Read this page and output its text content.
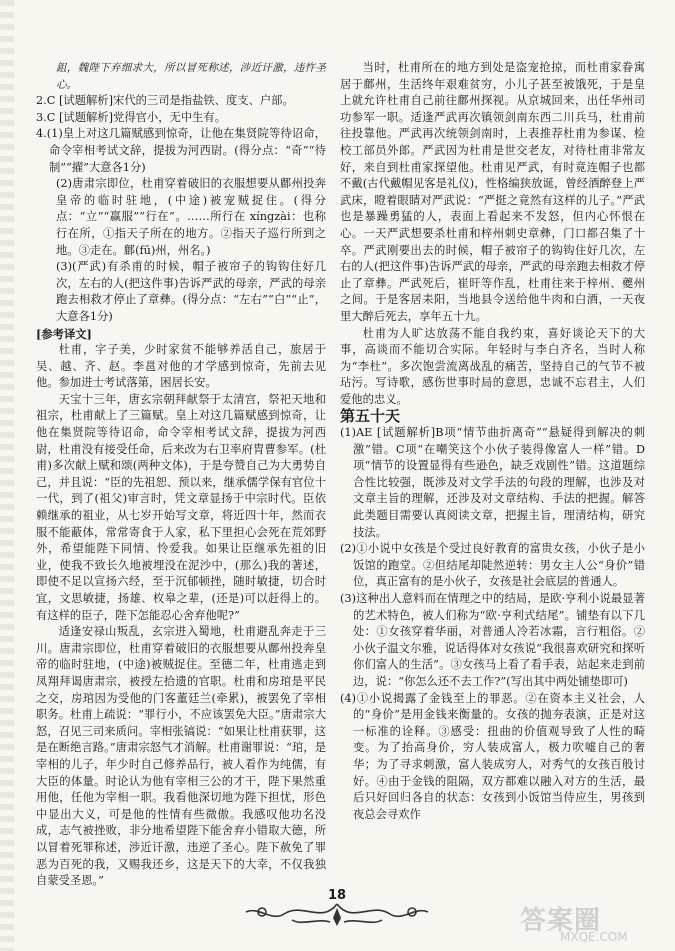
鉏，魏陛下弃细求大，所以冒死称述，涉近讦激，违忤圣心。

2.C [试题解析]宋代的三司是指盐铁、度支、户部。

3.C [试题解析]党得官小，无中生有。

4.(1)皇上对这几篇赋感到惊奇，让他在集贤院等待诏命，命令宰相考试文辞，提拔为河西尉。(得分点：“奇”“待制”“擢”大意各1分)

(2)唐肃宗即位，杜甫穿着破旧的衣服想要从鄜州投奔皇帝的临时驻地，(中途)被宠贼捉住。(得分点：“立”“赢服”“行在”。……所行在 xíngzài：也称行在所，①指天子所在的地方。②指天子巡行所到之地。③走在。鄜(fū)州，州名。)

(3)(严武)有杀甫的时候，帽子被帘子的钩钩住好几次，左右的人(把这件事)告诉严武的母亲，严武的母亲跑去相救才停止了章彝。(得分点：“左右”“白”“止”，大意各1分)

[参考译文]

杜甫，字子美，少时家贫不能够养活自己，旅居于吴、越、齐、赵。李邕对他的才学感到惊奇，先前去见他。参加进士考试落第，困居长安。

天宝十三年，唐玄宗朝拜献祭于太清宫，祭祀天地和祖宗，杜甫献上了三篇赋。皇上对这几篇赋感到惊奇，让他在集贤院等待诏命，命令宰相考试文辞，提拔为河西尉，杜甫没有接受任命，后来改为右卫率府胄曹参军。(杜甫)多次献上赋和颂(两种文体)，于是夸赞自己为大勇势自己，并且说：“臣的先祖恕、预以来，继承儒学保有官位十一代，到了(祖父)审言时，凭文章显扬于中宗时代。臣依赖继承的祖业，从七岁开始写文章，将近四十年，然而衣服不能蔽体，常常寄食于人家，私下里担心会死在荒郊野外，希望能陛下同情、怜爱我。如果让臣继承先祖的旧业，使我不致长久地被埋没在泥沙中，(那么)我的著述，即使不足以宣扬六经，至于沉郁顿挫，随时敏捷，切合时宜，文思敏捷，扬雄、枚皋之辈，(还是)可以赶得上的。有这样的臣子，陛下怎能忍心舍弃他呢?”

适逢安禄山叛乱，玄宗进入蜀地，杜甫避乱奔走于三川。唐肃宗即位，杜甫穿着破旧的衣服想要从鄜州投奔皇帝的临时驻地，(中途)被贼捉住。至德二年，杜甫逃走到凤翔拜谒唐肃宗，被授左拾遗的官职。杜甫和房琯是平民之交，房琯因为受他的门客董廷兰(牵累)，被罢免了宰相职务。杜甫上疏说：“罪行小，不应该罢免大臣。”唐肃宗大怒，召见三司来质问。宰相张镐说：“如果让杜甫获罪，这是在断绝言路。”唐肃宗怒气才消解。杜甫谢罪说：“琯，是宰相的儿子，年少时自己修养品行，被人看作为纯儒，有大臣的体量。时论认为他有宰相三公的才干，陛下果然重用他，任他为宰相一职。我看他深切地为陛下担忧，形色中显出大义，可是他的性情有些微傲。我感叹他功名没成，志气被挫败，非分地希望陛下能舍弃小错取大德，所以冒着死罪称述，涉近讦激，违逆了圣心。陛下赦免了罪恶为百死的我，又赐我还乡，这是天下的大幸，不仅我独自蒙受圣恩。”

当时，杜甫所在的地方到处是盗宠抢掠，而杜甫家眷寓居于鄜州，生活终年艰难贫穷，小儿子甚至被饿死，于是皇上就允许杜甫自己前往鄜州探视。从京城回来，出任华州司功参军一职。适逢严武再次镇领剑南东西二川兵马，杜甫前往投靠他。严武再次统领剑南时，上表推荐杜甫为参谋、检校工部员外郎。严武因为杜甫是世交老友，对待杜甫非常友好，来自到杜甫家探望他。杜甫见严武，有时竟连帽子也都不戴(古代戴帽见客是礼仪)，性格编狭放诞，曾经酒醉登上严武床，瞪着眼睛对严武说：“严挺之竟然有这样的儿子。”严武也是暴躁勇猛的人，表面上看起来不发怒，但内心怀恨在心。一天严武想要杀杜甫和梓州刺史章彝，门口都召集了十卒。严武刚要出去的时候，帽子被帘子的钩钩住好几次，左右的人(把这件事)告诉严武的母亲，严武的母亲跑去相救才停止了章彝。严武死后，崔旰等作乱，杜甫往来于梓州、夔州之间。于是客居耒阳，当地县令送给他牛肉和白酒，一天夜里大醉后死去，享年五十九。

杜甫为人旷达放荡不能自我约束，喜好谈论天下的大事，高谈而不能切合实际。年轻时与李白齐名，当时人称为“李杜”。多次饱尝流离战乱的痛苦，坚持自己的气节不被玷污。写诗歌，感伤世事时局的意思，忠诚不忘君主，人们爱他的忠义。

第五十天

(1)AE [试题解析]B项“情节曲折离奇”“悬疑得到解决的刺激”错。C项“在嘲笑这个小伙子装得像富人一样”错。D项“情节的设置显得有些逊色，缺乏戏剧性”错。这道题综合性比较强，既涉及对文学手法的句段的理解，也涉及对文章主旨的理解，还涉及对文章结构、手法的把握。解答此类题目需要认真阅读文章，把握主旨，理清结构，研究技法。

(2)①小说中女孩是个受过良好教育的富贵女孩，小伙子是小饭馆的跑堂。②但结尾却陡然逆转：男女主人公“身价”错位，真正富有的是小伙子，女孩是社会底层的普通人。

(3)这种出人意料而在情理之中的结局，是欧·亨利小说最显著的艺术特色，被人们称为“欧·亨利式结尾”。铺垫有以下几处：①女孩穿着华丽，对普通人冷若冰霜，言行粗俗。②小伙子温文尔雅，说话得体对女孩说“我很喜欢研究和探听你们富人的生活”。③女孩马上看了看手表，站起来走到前边，说：“你怎么还不去工作?”(写出其中两处铺垫即可)

(4)①小说揭露了金钱至上的罪恶。②在资本主义社会，人的“身价”是用金钱来衡量的。女孩的抛夯表演，正是对这一标准的诠释。③感受：扭曲的价值观导致了人性的畸变。为了抬高身价，穷人装成富人，极力吹嘘自己的奢华；为了寻求刺激，富人装成穷人，对秀气的女孩百般讨好。④由于金钱的阻隔，双方都难以融入对方的生活，最后只好回归各自的状态：女孩到小饭馆当侍应生，男孩到夜总会寻欢作

18
答案圈
MXQE.COM
